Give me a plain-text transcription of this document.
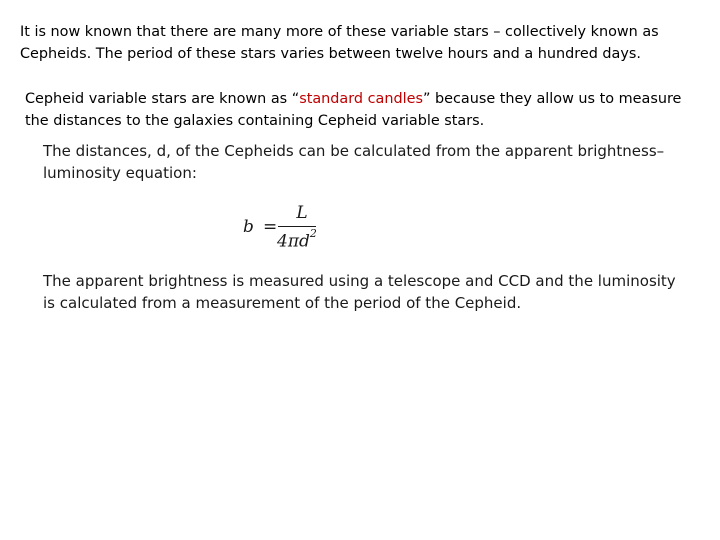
It is now known that there are many more of these variable stars – collectively known as Cepheids. The period of these stars varies between twelve hours and a hundred days.

Cepheid variable stars are known as “standard candles” because they allow us to measure the distances to the galaxies containing Cepheid variable stars.

The distances, d, of the Cepheids can be calculated from the apparent brightness–luminosity equation:

b =
L
$4\pi d^2$

The apparent brightness is measured using a telescope and CCD and the luminosity is calculated from a measurement of the period of the Cepheid.
